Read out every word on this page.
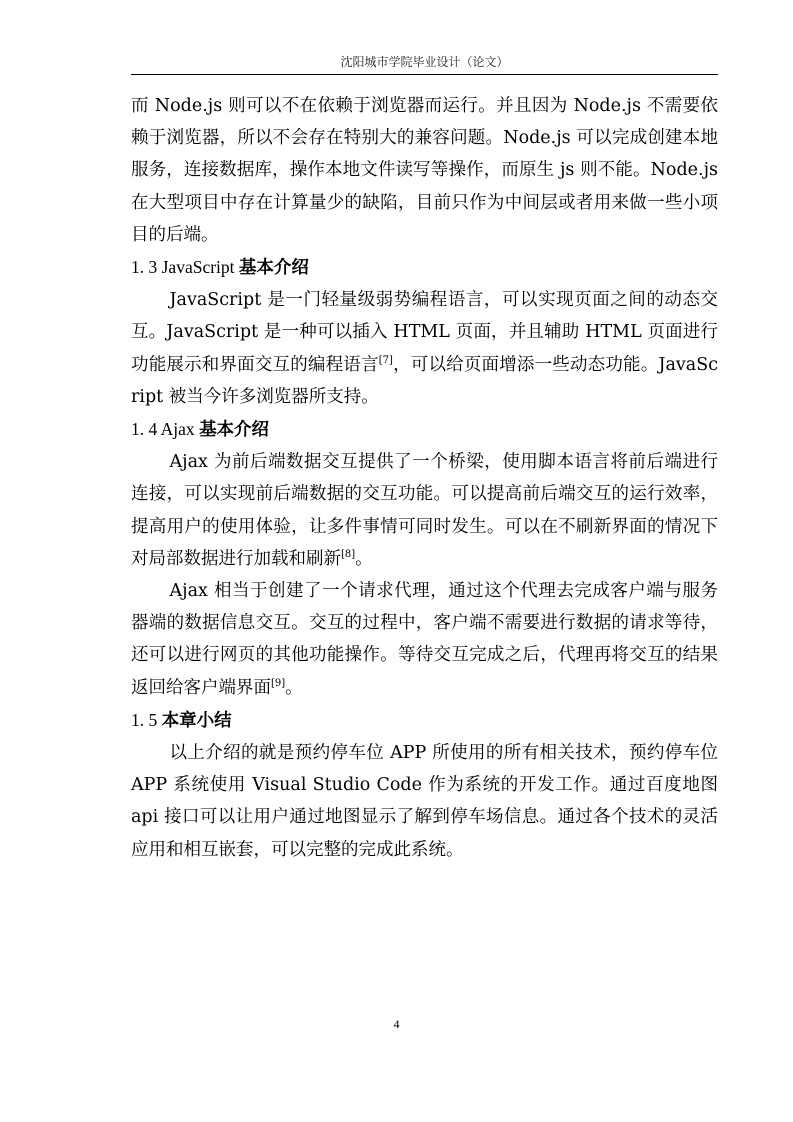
沈阳城市学院毕业设计（论文）

而 Node.js 则可以不在依赖于浏览器而运行。并且因为 Node.js 不需要依赖于浏览器，所以不会存在特别大的兼容问题。Node.js 可以完成创建本地服务，连接数据库，操作本地文件读写等操作，而原生 js 则不能。Node.js 在大型项目中存在计算量少的缺陷，目前只作为中间层或者用来做一些小项目的后端。

1. 3 JavaScript 基本介绍

JavaScript 是一门轻量级弱势编程语言，可以实现页面之间的动态交互。JavaScript 是一种可以插入 HTML 页面，并且辅助 HTML 页面进行功能展示和界面交互的编程语言[7]，可以给页面增添一些动态功能。JavaScript 被当今许多浏览器所支持。

1. 4 Ajax 基本介绍

Ajax 为前后端数据交互提供了一个桥梁，使用脚本语言将前后端进行连接，可以实现前后端数据的交互功能。可以提高前后端交互的运行效率，提高用户的使用体验，让多件事情可同时发生。可以在不刷新界面的情况下对局部数据进行加载和刷新[8]。

Ajax 相当于创建了一个请求代理，通过这个代理去完成客户端与服务器端的数据信息交互。交互的过程中，客户端不需要进行数据的请求等待，还可以进行网页的其他功能操作。等待交互完成之后，代理再将交互的结果返回给客户端界面[9]。

1. 5 本章小结

以上介绍的就是预约停车位 APP 所使用的所有相关技术，预约停车位 APP 系统使用 Visual Studio Code 作为系统的开发工作。通过百度地图 api 接口可以让用户通过地图显示了解到停车场信息。通过各个技术的灵活应用和相互嵌套，可以完整的完成此系统。

4
